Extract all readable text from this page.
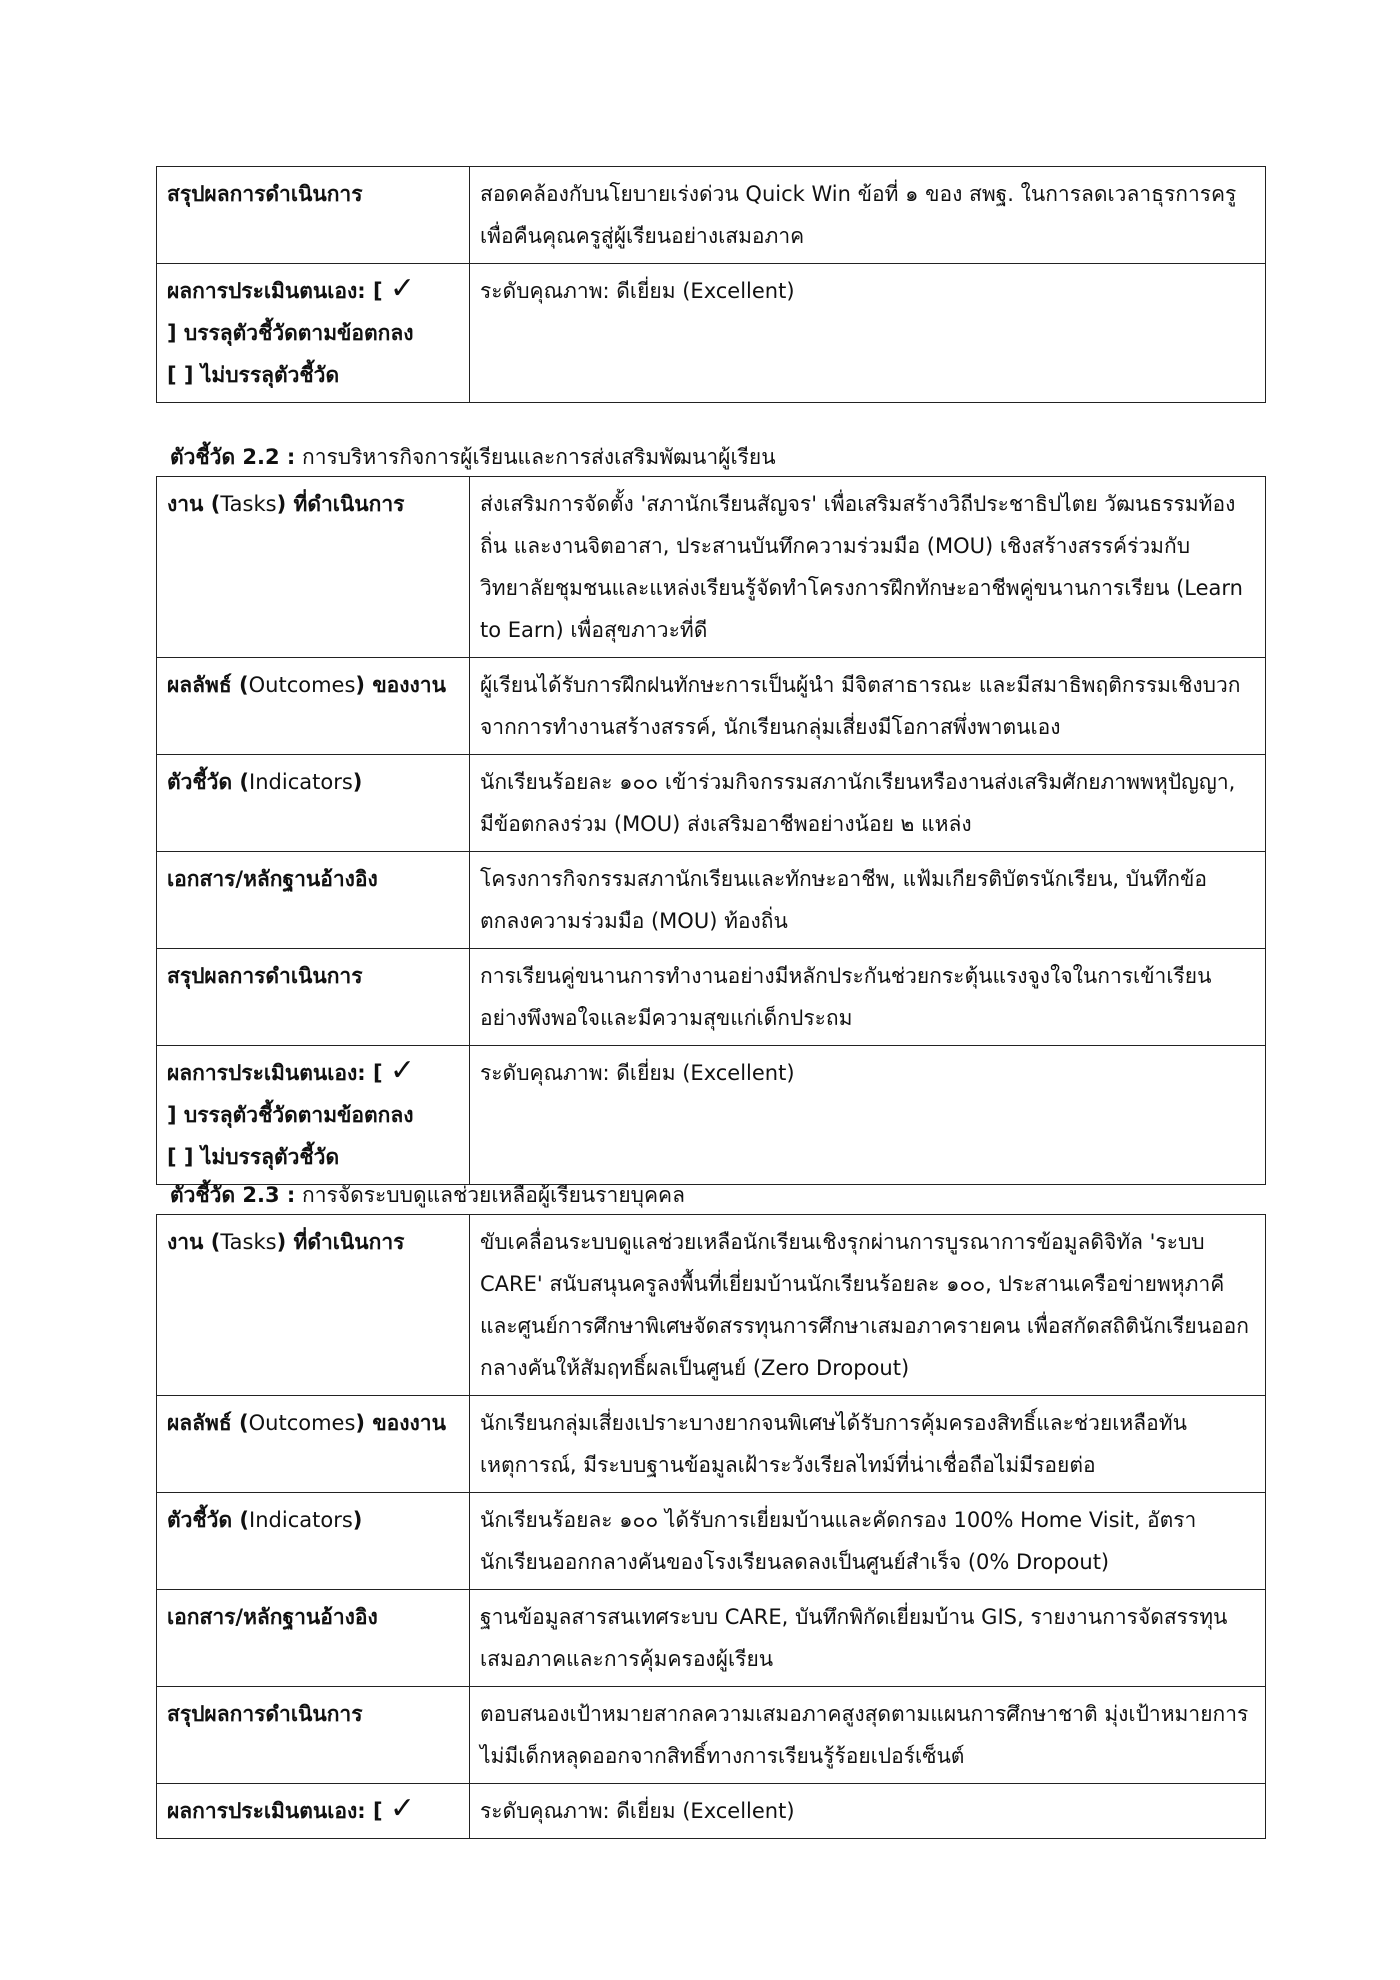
สรุปผลการดำเนินการ	สอดคล้องกับนโยบายเร่งด่วน Quick Win ข้อที่ ๑ ของ สพฐ. ในการลดเวลาธุรการครู เพื่อคืนคุณครูสู่ผู้เรียนอย่างเสมอภาค
ผลการประเมินตนเอง: [ ✓
] บรรลุตัวชี้วัดตามข้อตกลง
[ ] ไม่บรรลุตัวชี้วัด	ระดับคุณภาพ: ดีเยี่ยม (Excellent)
ตัวชี้วัด 2.2 : การบริหารกิจการผู้เรียนและการส่งเสริมพัฒนาผู้เรียน
งาน (Tasks) ที่ดำเนินการ	ส่งเสริมการจัดตั้ง 'สภานักเรียนสัญจร' เพื่อเสริมสร้างวิถีประชาธิปไตย วัฒนธรรมท้องถิ่น และงานจิตอาสา, ประสานบันทึกความร่วมมือ (MOU) เชิงสร้างสรรค์ร่วมกับวิทยาลัยชุมชนและแหล่งเรียนรู้จัดทำโครงการฝึกทักษะอาชีพคู่ขนานการเรียน (Learn to Earn) เพื่อสุขภาวะที่ดี
ผลลัพธ์ (Outcomes) ของงาน	ผู้เรียนได้รับการฝึกฝนทักษะการเป็นผู้นำ มีจิตสาธารณะ และมีสมาธิพฤติกรรมเชิงบวกจากการทำงานสร้างสรรค์, นักเรียนกลุ่มเสี่ยงมีโอกาสพึ่งพาตนเอง
ตัวชี้วัด (Indicators)	นักเรียนร้อยละ ๑๐๐ เข้าร่วมกิจกรรมสภานักเรียนหรืองานส่งเสริมศักยภาพพหุปัญญา, มีข้อตกลงร่วม (MOU) ส่งเสริมอาชีพอย่างน้อย ๒ แหล่ง
เอกสาร/หลักฐานอ้างอิง	โครงการกิจกรรมสภานักเรียนและทักษะอาชีพ, แฟ้มเกียรติบัตรนักเรียน, บันทึกข้อตกลงความร่วมมือ (MOU) ท้องถิ่น
สรุปผลการดำเนินการ	การเรียนคู่ขนานการทำงานอย่างมีหลักประกันช่วยกระตุ้นแรงจูงใจในการเข้าเรียนอย่างพึงพอใจและมีความสุขแก่เด็กประถม
ผลการประเมินตนเอง: [ ✓
] บรรลุตัวชี้วัดตามข้อตกลง
[ ] ไม่บรรลุตัวชี้วัด	ระดับคุณภาพ: ดีเยี่ยม (Excellent)
ตัวชี้วัด 2.3 : การจัดระบบดูแลช่วยเหลือผู้เรียนรายบุคคล
งาน (Tasks) ที่ดำเนินการ	ขับเคลื่อนระบบดูแลช่วยเหลือนักเรียนเชิงรุกผ่านการบูรณาการข้อมูลดิจิทัล 'ระบบ CARE' สนับสนุนครูลงพื้นที่เยี่ยมบ้านนักเรียนร้อยละ ๑๐๐, ประสานเครือข่ายพหุภาคีและศูนย์การศึกษาพิเศษจัดสรรทุนการศึกษาเสมอภาครายคน เพื่อสกัดสถิตินักเรียนออกกลางคันให้สัมฤทธิ์ผลเป็นศูนย์ (Zero Dropout)
ผลลัพธ์ (Outcomes) ของงาน	นักเรียนกลุ่มเสี่ยงเปราะบางยากจนพิเศษได้รับการคุ้มครองสิทธิ์และช่วยเหลือทันเหตุการณ์, มีระบบฐานข้อมูลเฝ้าระวังเรียลไทม์ที่น่าเชื่อถือไม่มีรอยต่อ
ตัวชี้วัด (Indicators)	นักเรียนร้อยละ ๑๐๐ ได้รับการเยี่ยมบ้านและคัดกรอง 100% Home Visit, อัตรานักเรียนออกกลางคันของโรงเรียนลดลงเป็นศูนย์สำเร็จ (0% Dropout)
เอกสาร/หลักฐานอ้างอิง	ฐานข้อมูลสารสนเทศระบบ CARE, บันทึกพิกัดเยี่ยมบ้าน GIS, รายงานการจัดสรรทุนเสมอภาคและการคุ้มครองผู้เรียน
สรุปผลการดำเนินการ	ตอบสนองเป้าหมายสากลความเสมอภาคสูงสุดตามแผนการศึกษาชาติ มุ่งเป้าหมายการไม่มีเด็กหลุดออกจากสิทธิ์ทางการเรียนรู้ร้อยเปอร์เซ็นต์
ผลการประเมินตนเอง: [ ✓	ระดับคุณภาพ: ดีเยี่ยม (Excellent)
